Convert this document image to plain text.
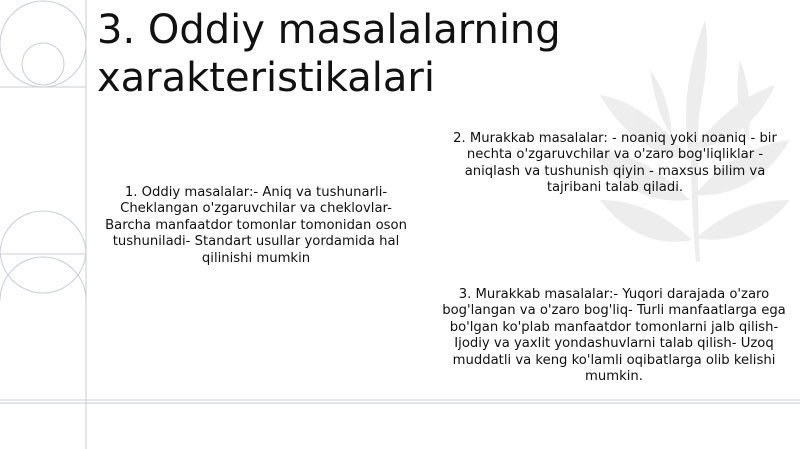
3. Oddiy masalalarning xarakteristikalari
1. Oddiy masalalar:- Aniq va tushunarli- Cheklangan o'zgaruvchilar va cheklovlar- Barcha manfaatdor tomonlar tomonidan oson tushuniladi- Standart usullar yordamida hal qilinishi mumkin
2. Murakkab masalalar: - noaniq yoki noaniq - bir nechta o'zgaruvchilar va o'zaro bog'liqliklar - aniqlash va tushunish qiyin - maxsus bilim va tajribani talab qiladi.
3. Murakkab masalalar:- Yuqori darajada o'zaro bog'langan va o'zaro bog'liq- Turli manfaatlarga ega bo'lgan ko'plab manfaatdor tomonlarni jalb qilish- Ijodiy va yaxlit yondashuvlarni talab qilish- Uzoq muddatli va keng ko'lamli oqibatlarga olib kelishi mumkin.
